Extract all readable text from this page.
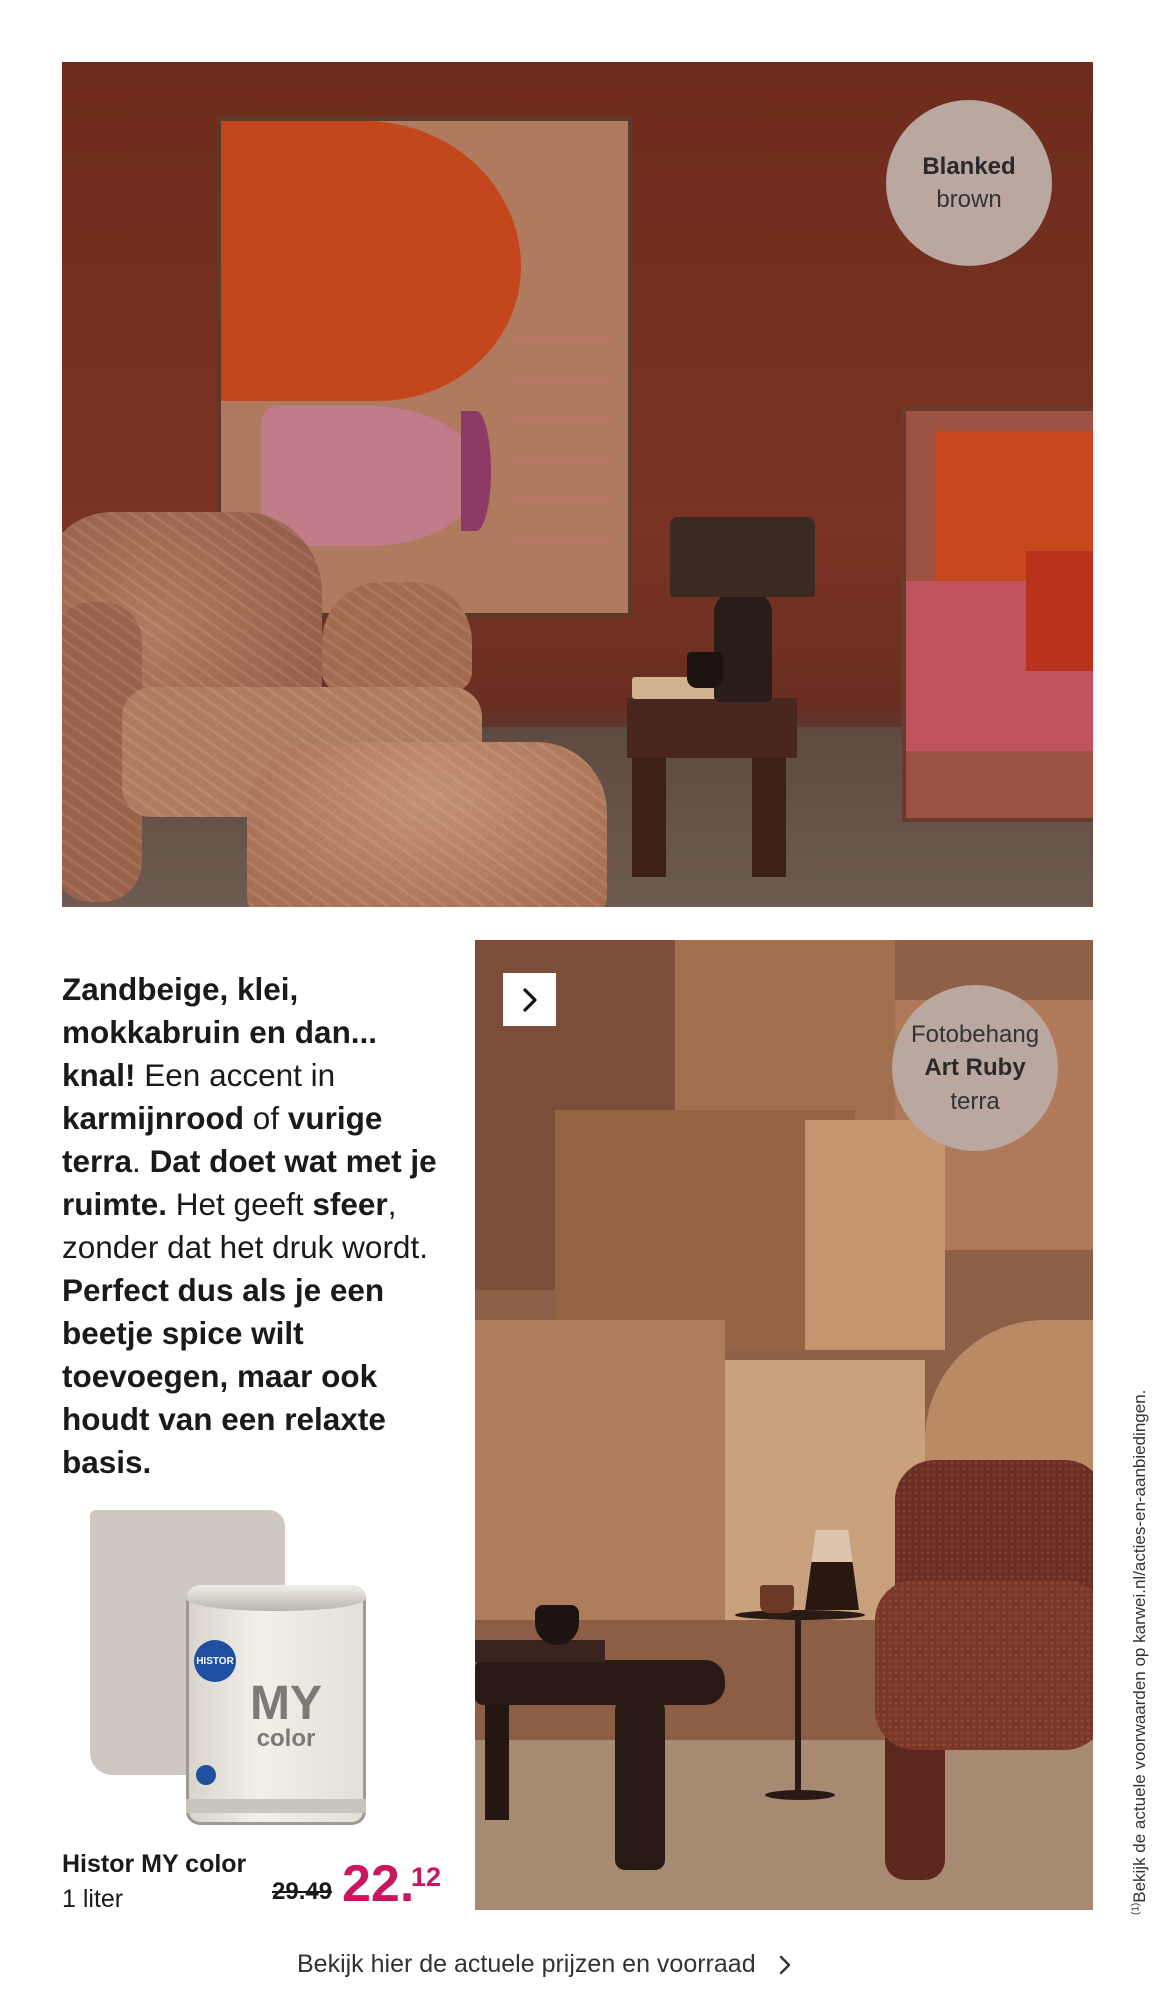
Blanked
brown

Zandbeige, klei, mokkabruin en dan... knal! Een accent in karmijnrood of vurige terra. Dat doet wat met je ruimte. Het geeft sfeer, zonder dat het druk wordt. Perfect dus als je een beetje spice wilt toevoegen, maar ook houdt van een relaxte basis.

HISTOR
MY
color

Histor MY color

1 liter	29.49 22.
12
Fotobehang
Art Ruby
terra

$^{(1)}$Bekijk de actuele voorwaarden op karwei.nl/acties-en-aanbiedingen.

Bekijk hier de actuele prijzen en voorraad
